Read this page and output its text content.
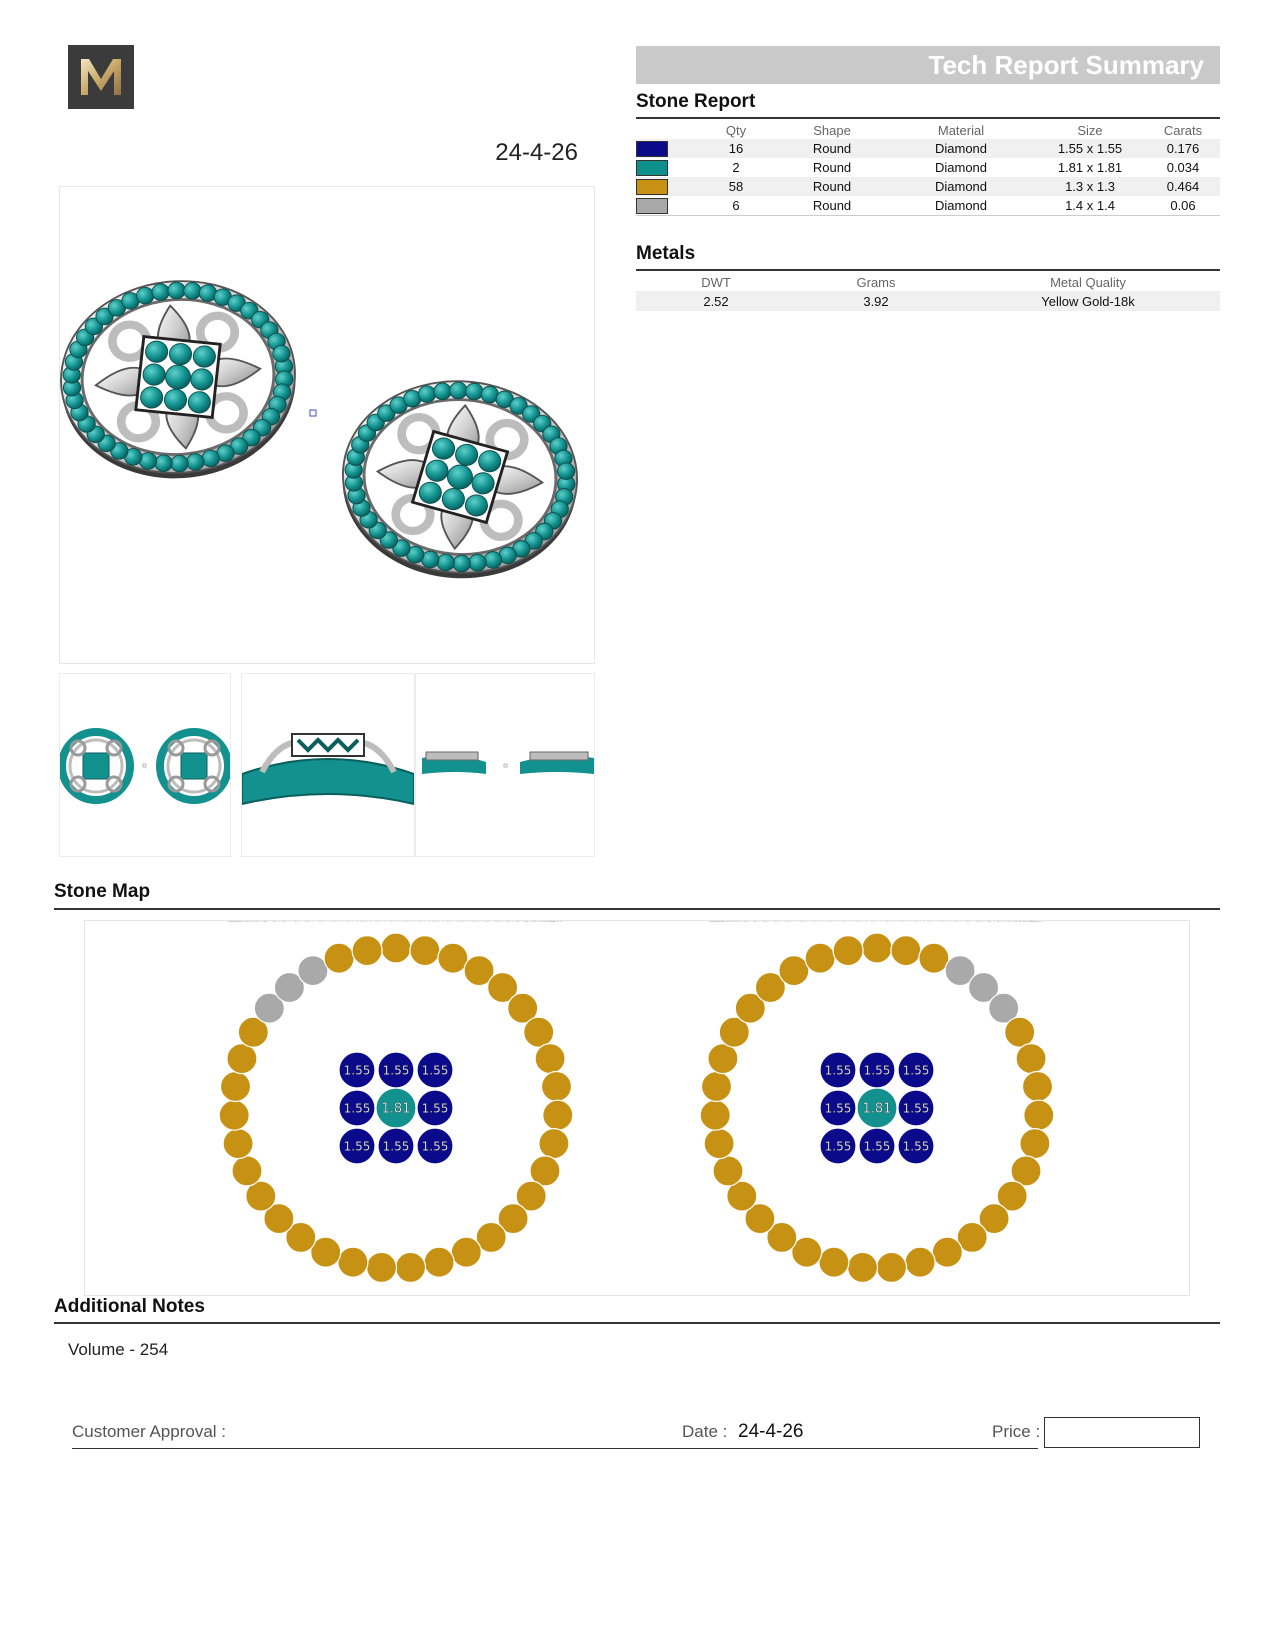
24-4-26
Tech Report Summary
Stone Report
	Qty	Shape	Material	Size	Carats

	16	Round	Diamond	1.55 x 1.55	0.176

	2	Round	Diamond	1.81 x 1.81	0.034

	58	Round	Diamond	1.3 x 1.3	0.464

	6	Round	Diamond	1.4 x 1.4	0.06
Metals
DWT	Grams	Metal Quality
2.52	3.92	Yellow Gold-18k
Stone Map
1.55 1.55 1.55
1.55 1.81 1.55
1.55 1.55 1.55
1.55 1.55 1.55
1.55 1.81 1.55
1.55 1.55 1.55
Additional Notes
Volume - 254
Customer Approval :	Date : 24-4-26	Price :
